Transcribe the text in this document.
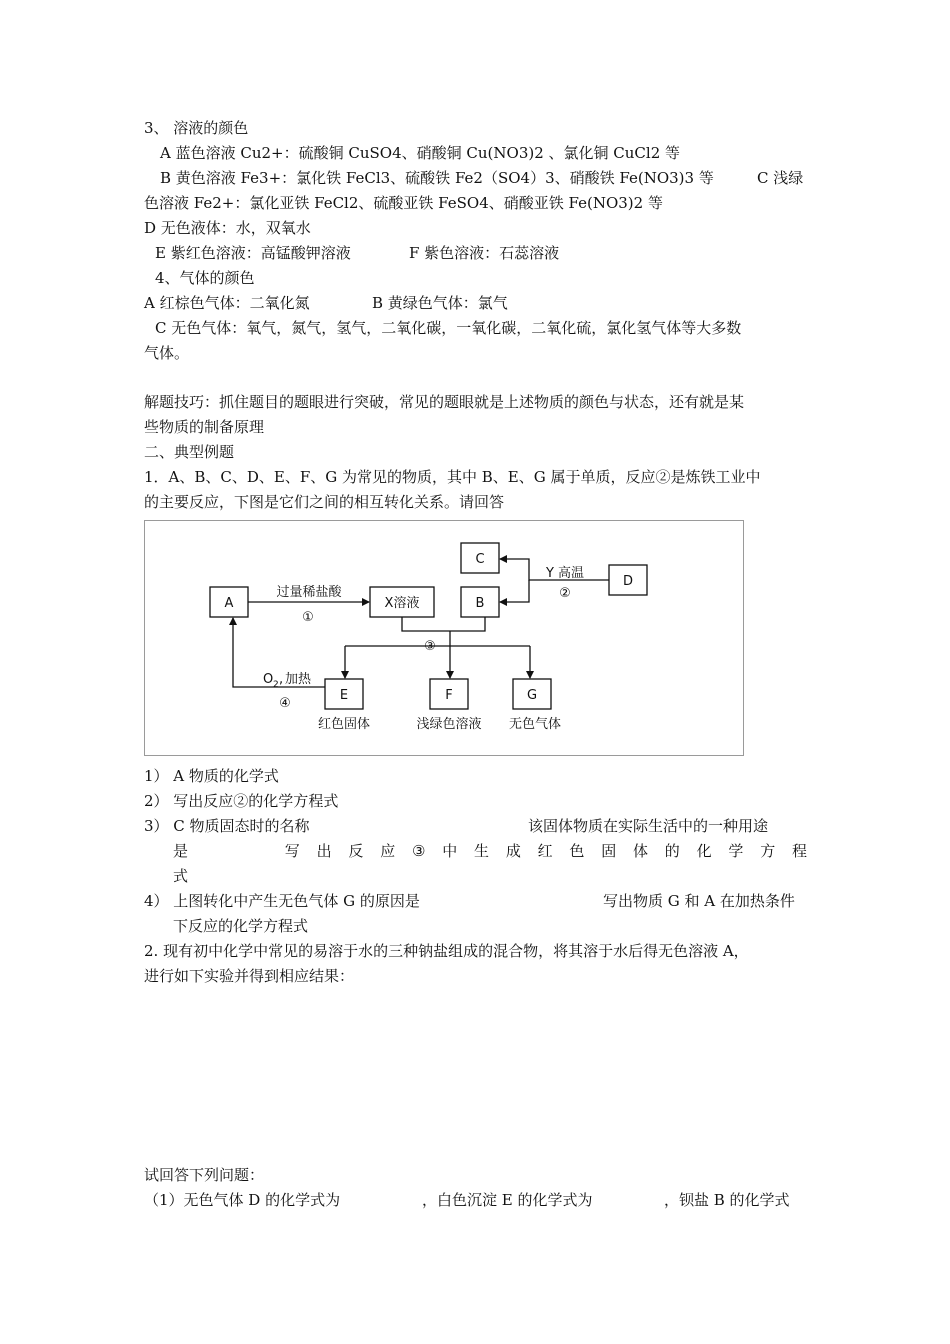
3、 溶液的颜色
A 蓝色溶液 Cu2+：硫酸铜 CuSO4、硝酸铜 Cu(NO3)2 、氯化铜 CuCl2 等
B 黄色溶液 Fe3+：氯化铁 FeCl3、硫酸铁 Fe2（SO4）3、硝酸铁 Fe(NO3)3 等	C 浅绿
色溶液 Fe2+：氯化亚铁 FeCl2、硫酸亚铁 FeSO4、硝酸亚铁 Fe(NO3)2 等
D 无色液体：水，双氧水
E 紫红色溶液：高锰酸钾溶液	F 紫色溶液：石蕊溶液
4、气体的颜色
A 红棕色气体：二氧化氮	B 黄绿色气体：氯气
C 无色气体：氧气，氮气，氢气，二氧化碳，一氧化碳，二氧化硫，氯化氢气体等大多数
气体。
解题技巧：抓住题目的题眼进行突破，常见的题眼就是上述物质的颜色与状态，还有就是某
些物质的制备原理
二、典型例题
1．A、B、C、D、E、F、G 为常见的物质，其中 B、E、G 属于单质，反应②是炼铁工业中
的主要反应，下图是它们之间的相互转化关系。请回答
A	X溶液	B
C
D
E	F	G
过量稀盐酸
①
Y 高温
②
③
O 2 , 加热
④
红色固体	浅绿色溶液 无色气体
1） A 物质的化学式
2） 写出反应②的化学方程式
3） C 物质固态时的名称	该固体物质在实际生活中的一种用途
是	写 出 反 应 ③ 中 生 成 红 色 固 体 的 化 学 方 程
式
4） 上图转化中产生无色气体 G 的原因是	写出物质 G 和 A 在加热条件
下反应的化学方程式
2. 现有初中化学中常见的易溶于水的三种钠盐组成的混合物，将其溶于水后得无色溶液 A，
进行如下实验并得到相应结果：
试回答下列问题：
（1）无色气体 D 的化学式为	，白色沉淀 E 的化学式为	，钡盐 B 的化学式
